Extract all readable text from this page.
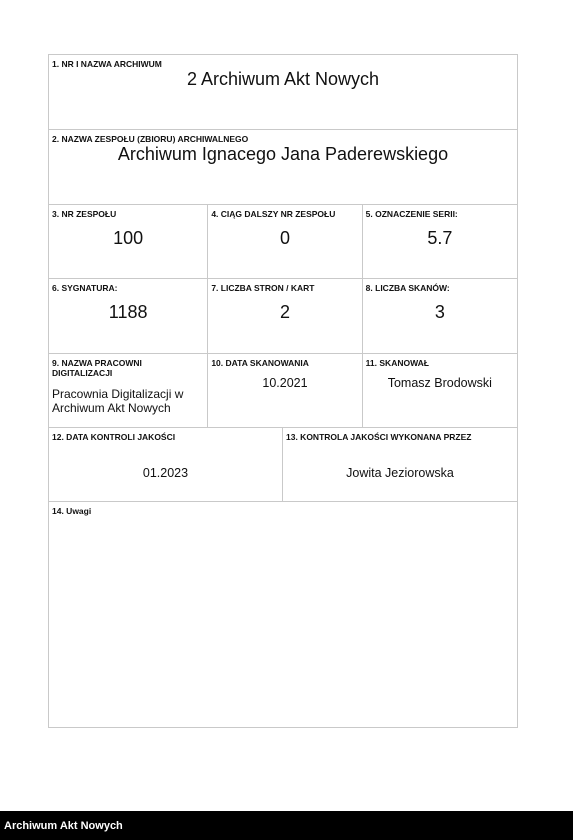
1. NR I NAZWA ARCHIWUM
2 Archiwum Akt Nowych
2. NAZWA ZESPOŁU (ZBIORU) ARCHIWALNEGO
Archiwum Ignacego Jana Paderewskiego
3. NR ZESPOŁU
100
4. CIĄG DALSZY NR ZESPOŁU
0
5. OZNACZENIE SERII:
5.7
6. SYGNATURA:
1188
7. LICZBA STRON / KART
2
8. LICZBA SKANÓW:
3
9. NAZWA PRACOWNI DIGITALIZACJI
Pracownia Digitalizacji w Archiwum Akt Nowych
10. DATA SKANOWANIA
10.2021
11. SKANOWAŁ
Tomasz Brodowski
12. DATA KONTROLI JAKOŚCI
01.2023
13. KONTROLA JAKOŚCI WYKONANA PRZEZ
Jowita Jeziorowska
14. Uwagi
Archiwum Akt Nowych
